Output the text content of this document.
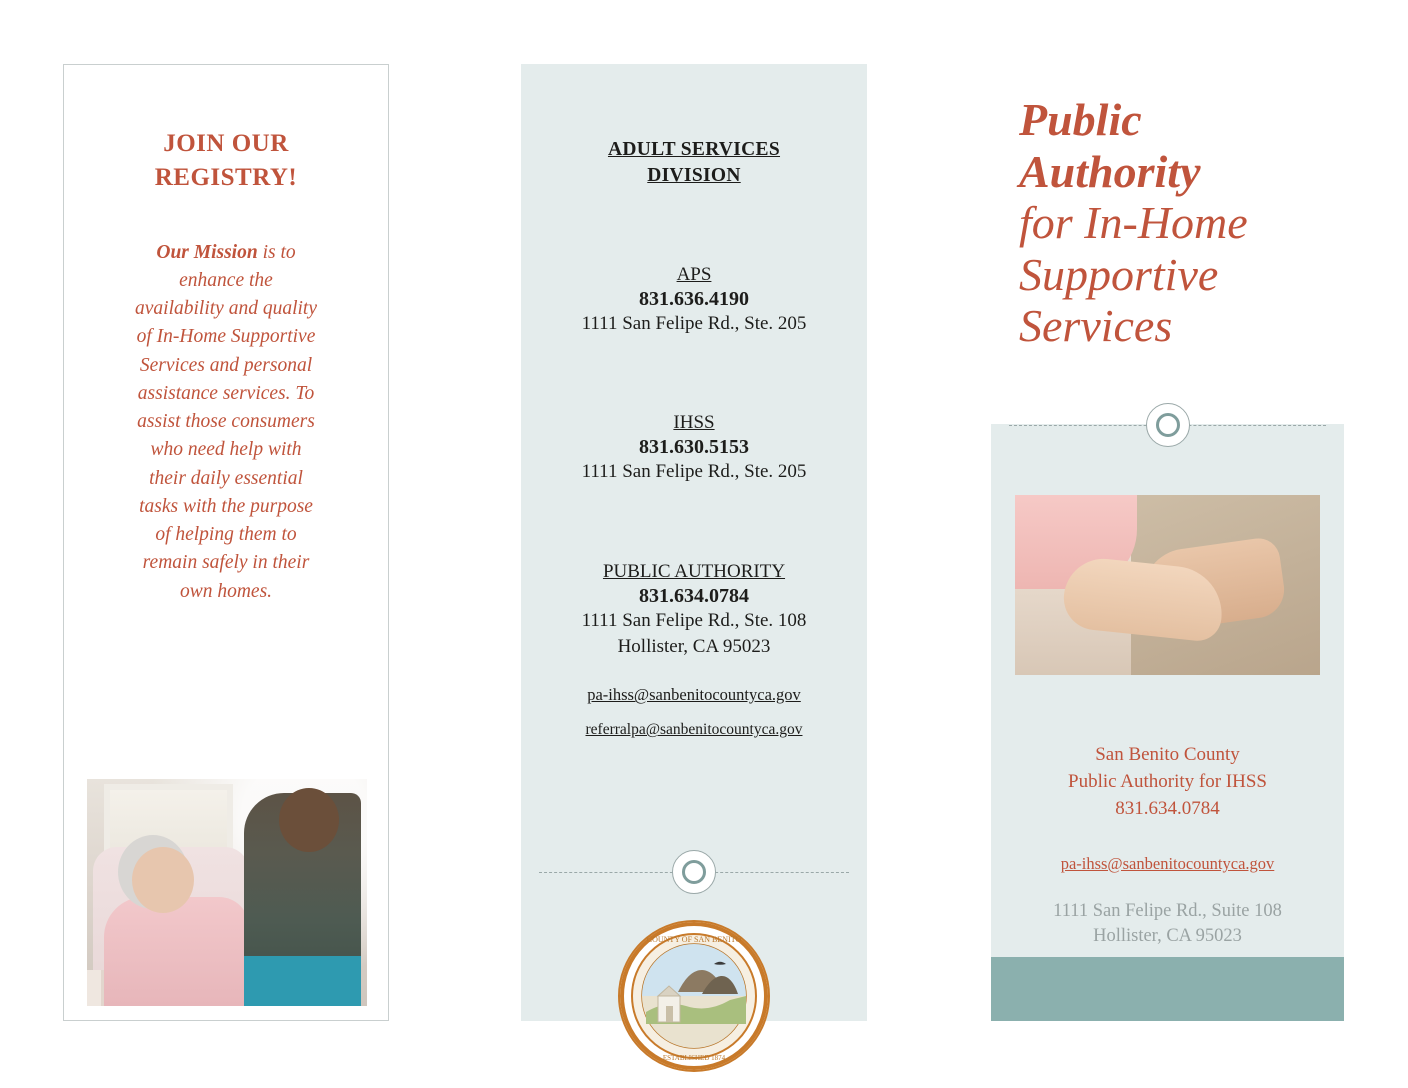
JOIN OUR
REGISTRY!
Our Mission is to enhance the availability and quality of In-Home Supportive Services and personal assistance services. To assist those consumers who need help with their daily essential tasks with the purpose of helping them to remain safely in their own homes.
ADULT SERVICES
DIVISION
APS
831.636.4190
1111 San Felipe Rd., Ste. 205
IHSS
831.630.5153
1111 San Felipe Rd., Ste. 205
PUBLIC AUTHORITY
831.634.0784
1111 San Felipe Rd., Ste. 108
Hollister, CA 95023
pa-ihss@sanbenitocountyca.gov
referralpa@sanbenitocountyca.gov
COUNTY OF SAN BENITO
ESTABLISHED 1874
Public
Authority
for In-Home
Supportive
Services
San Benito County
Public Authority for IHSS
831.634.0784
pa-ihss@sanbenitocountyca.gov
1111 San Felipe Rd., Suite 108
Hollister, CA 95023
